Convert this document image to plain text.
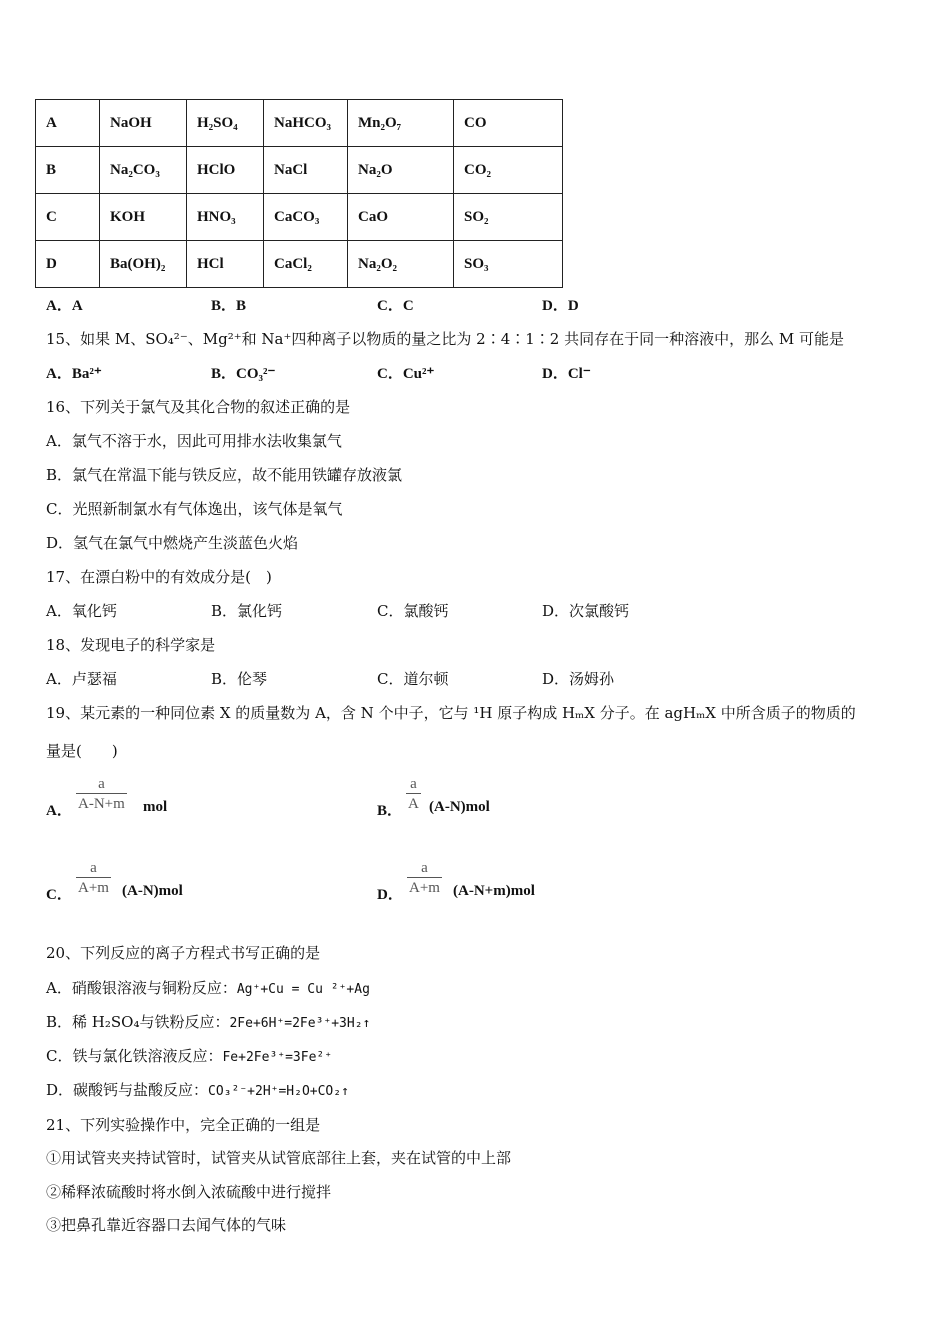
A	NaOH	H₂SO₄	NaHCO₃	Mn₂O₇	CO
B	Na₂CO₃	HClO	NaCl	Na₂O	CO₂
C	KOH	HNO₃	CaCO₃	CaO	SO₂
D	Ba(OH)₂	HCl	CaCl₂	Na₂O₂	SO₃
A．A	B．B	C．C	D．D
15、如果 M、SO₄²⁻、Mg²⁺和 Na⁺四种离子以物质的量之比为 2∶4∶1∶2 共同存在于同一种溶液中，那么 M 可能是
A．Ba²⁺	B．CO₃²⁻	C．Cu²⁺	D．Cl⁻
16、下列关于氯气及其化合物的叙述正确的是
A．氯气不溶于水，因此可用排水法收集氯气
B．氯气在常温下能与铁反应，故不能用铁罐存放液氯
C．光照新制氯水有气体逸出，该气体是氧气
D．氢气在氯气中燃烧产生淡蓝色火焰
17、在漂白粉中的有效成分是(　)
A．氧化钙	B．氯化钙	C．氯酸钙	D．次氯酸钙
18、发现电子的科学家是
A．卢瑟福	B．伦琴	C．道尔顿	D．汤姆孙
19、某元素的一种同位素 X 的质量数为 A，含 N 个中子，它与 ¹H 原子构成 HₘX 分子。在 agHₘX 中所含质子的物质的
量是(　　)
A． $\frac{a}{A-N+m}$ mol	B． $\frac{a}{A} (A-N)mol$
C． $\frac{a}{A+m} (A-N)mol$	D． $\frac{a}{A+m} (A-N+m)mol$
20、下列反应的离子方程式书写正确的是
A．硝酸银溶液与铜粉反应：Ag⁺+Cu = Cu ²⁺+Ag
B．稀 H₂SO₄与铁粉反应：2Fe+6H⁺=2Fe³⁺+3H₂↑
C．铁与氯化铁溶液反应：Fe+2Fe³⁺=3Fe²⁺
D．碳酸钙与盐酸反应：CO₃²⁻+2H⁺=H₂O+CO₂↑
21、下列实验操作中，完全正确的一组是
①用试管夹夹持试管时，试管夹从试管底部往上套，夹在试管的中上部
②稀释浓硫酸时将水倒入浓硫酸中进行搅拌
③把鼻孔靠近容器口去闻气体的气味
